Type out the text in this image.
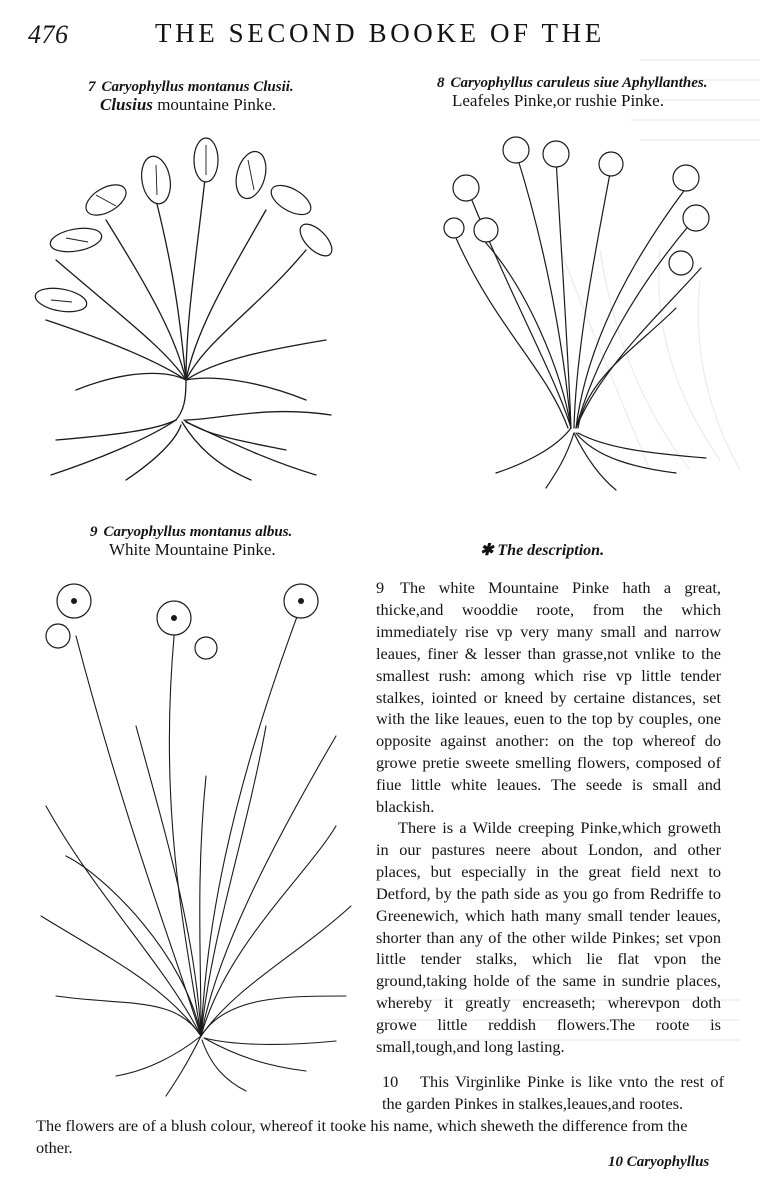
476	THE SECOND BOOKE OF THE
7 Caryophyllus montanus Clusii.
Clusius mountaine Pinke.
8 Caryophyllus caruleus siue Aphyllanthes.
Leafeles Pinke,or rushie Pinke.
9 Caryophyllus montanus albus.
White Mountaine Pinke.	✱ The description.
9 The white Mountaine Pinke hath a great, thicke,and wooddie roote, from the which immediately rise vp very many small and narrow leaues, finer & lesser than grasse,not vnlike to the smallest rush: among which rise vp little tender stalkes, iointed or kneed by certaine distances, set with the like leaues, euen to the top by couples, one opposite against another: on the top whereof do growe pretie sweete smelling flowers, composed of fiue little white leaues. The seede is small and blackish.
There is a Wilde creeping Pinke,which groweth in our pastures neere about London, and other places, but especially in the great field next to Detford, by the path side as you go from Redriffe to Greenewich, which hath many small tender leaues, shorter than any of the other wilde Pinkes; set vpon little tender stalks, which lie flat vpon the ground,taking holde of the same in sundrie places, whereby it greatly encreaseth; wherevpon doth growe little reddish flowers.The roote is small,tough,and long lasting.
10 This Virginlike Pinke is like vnto the rest of the garden Pinkes in stalkes,leaues,and rootes.
The flowers are of a blush colour, whereof it tooke his name, which sheweth the difference from the other.
10 Caryophyllus
